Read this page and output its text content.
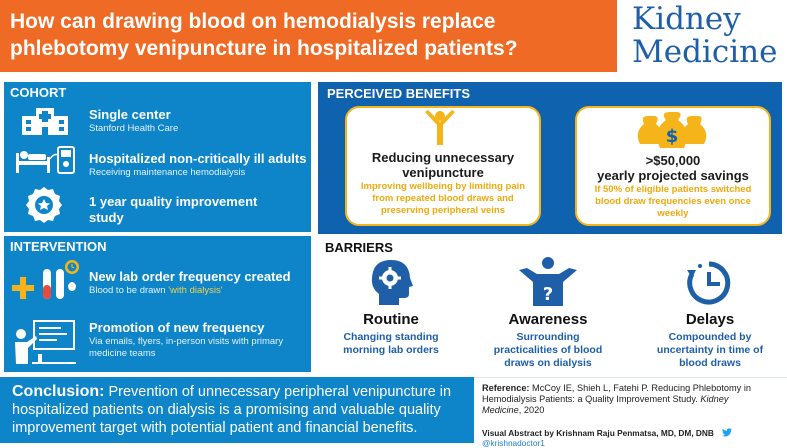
How can drawing blood on hemodialysis replace
phlebotomy venipuncture in hospitalized patients?
Kidney
Medicine
COHORT
Single center
Stanford Health Care
Hospitalized non-critically ill adults
Receiving maintenance hemodialysis
1 year quality improvement
study
INTERVENTION
New lab order frequency created
Blood to be drawn 'with dialysis'
Promotion of new frequency
Via emails, flyers, in-person visits with primary
medicine teams
PERCEIVED BENEFITS
Reducing unnecessary
venipuncture
Improving wellbeing by limiting pain
from repeated blood draws and
preserving peripheral veins
$
>$50,000
yearly projected savings
If 50% of eligible patients switched
blood draw frequencies even once
weekly
BARRIERS
Routine
Changing standing
morning lab orders
?
Awareness
Surrounding
practicalities of blood
draws on dialysis
Delays
Compounded by
uncertainty in time of
blood draws
Conclusion: Prevention of unnecessary peripheral venipuncture in
hospitalized patients on dialysis is a promising and valuable quality
improvement target with potential patient and financial benefits.
Reference: McCoy IE, Shieh L, Fatehi P. Reducing Phlebotomy in
Hemodialysis Patients: a Quality Improvement Study. Kidney
Medicine, 2020
Visual Abstract by Krishnam Raju Penmatsa, MD, DM, DNB  @krishnadoctor1
